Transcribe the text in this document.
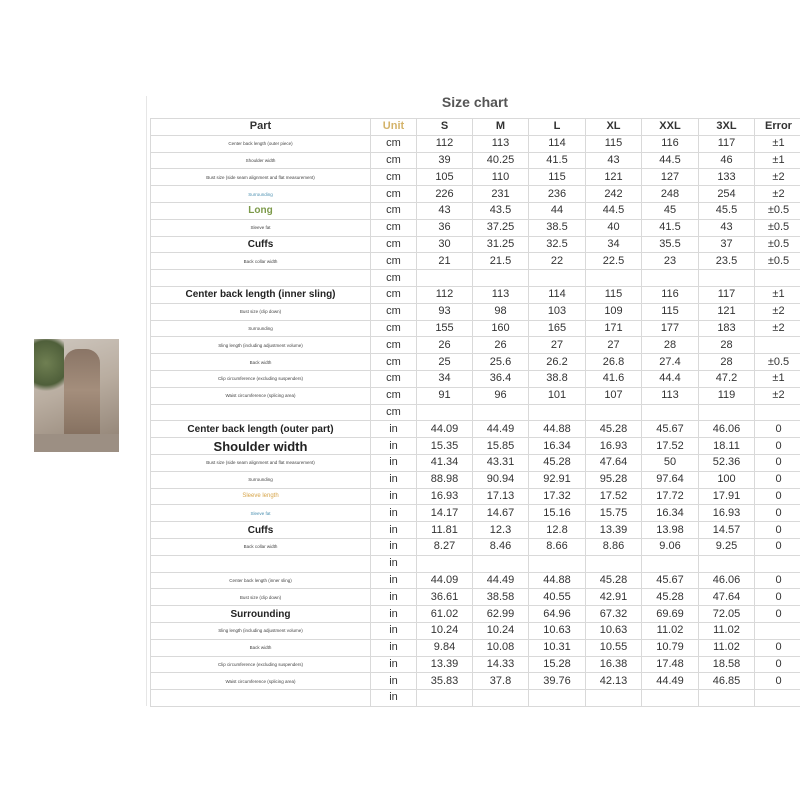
Size chart
Part	Unit	S	M	L	XL	XXL	3XL	Error
Center back length (outer piece)	cm	112	113	114	115	116	117	±1
Shoulder width	cm	39	40.25	41.5	43	44.5	46	±1
Bust size (side seam alignment and flat measurement)	cm	105	110	115	121	127	133	±2
Surrounding	cm	226	231	236	242	248	254	±2
Long	cm	43	43.5	44	44.5	45	45.5	±0.5
Sleeve fat	cm	36	37.25	38.5	40	41.5	43	±0.5
Cuffs	cm	30	31.25	32.5	34	35.5	37	±0.5
Back collar width	cm	21	21.5	22	22.5	23	23.5	±0.5
	cm							
Center back length (inner sling)	cm	112	113	114	115	116	117	±1
Bust size (clip down)	cm	93	98	103	109	115	121	±2
Surrounding	cm	155	160	165	171	177	183	±2
Sling length (including adjustment volume)	cm	26	26	27	27	28	28	
Back width	cm	25	25.6	26.2	26.8	27.4	28	±0.5
Clip circumference (excluding suspenders)	cm	34	36.4	38.8	41.6	44.4	47.2	±1
Waist circumference (splicing area)	cm	91	96	101	107	113	119	±2
	cm							
Center back length (outer part)	in	44.09	44.49	44.88	45.28	45.67	46.06	0
Shoulder width	in	15.35	15.85	16.34	16.93	17.52	18.11	0
Bust size (side seam alignment and flat measurement)	in	41.34	43.31	45.28	47.64	50	52.36	0
Surrounding	in	88.98	90.94	92.91	95.28	97.64	100	0
Sleeve length	in	16.93	17.13	17.32	17.52	17.72	17.91	0
Sleeve fat	in	14.17	14.67	15.16	15.75	16.34	16.93	0
Cuffs	in	11.81	12.3	12.8	13.39	13.98	14.57	0
Back collar width	in	8.27	8.46	8.66	8.86	9.06	9.25	0
	in							
Center back length (inner sling)	in	44.09	44.49	44.88	45.28	45.67	46.06	0
Bust size (clip down)	in	36.61	38.58	40.55	42.91	45.28	47.64	0
Surrounding	in	61.02	62.99	64.96	67.32	69.69	72.05	0
Sling length (including adjustment volume)	in	10.24	10.24	10.63	10.63	11.02	11.02	
Back width	in	9.84	10.08	10.31	10.55	10.79	11.02	0
Clip circumference (excluding suspenders)	in	13.39	14.33	15.28	16.38	17.48	18.58	0
Waist circumference (splicing area)	in	35.83	37.8	39.76	42.13	44.49	46.85	0
	in							
